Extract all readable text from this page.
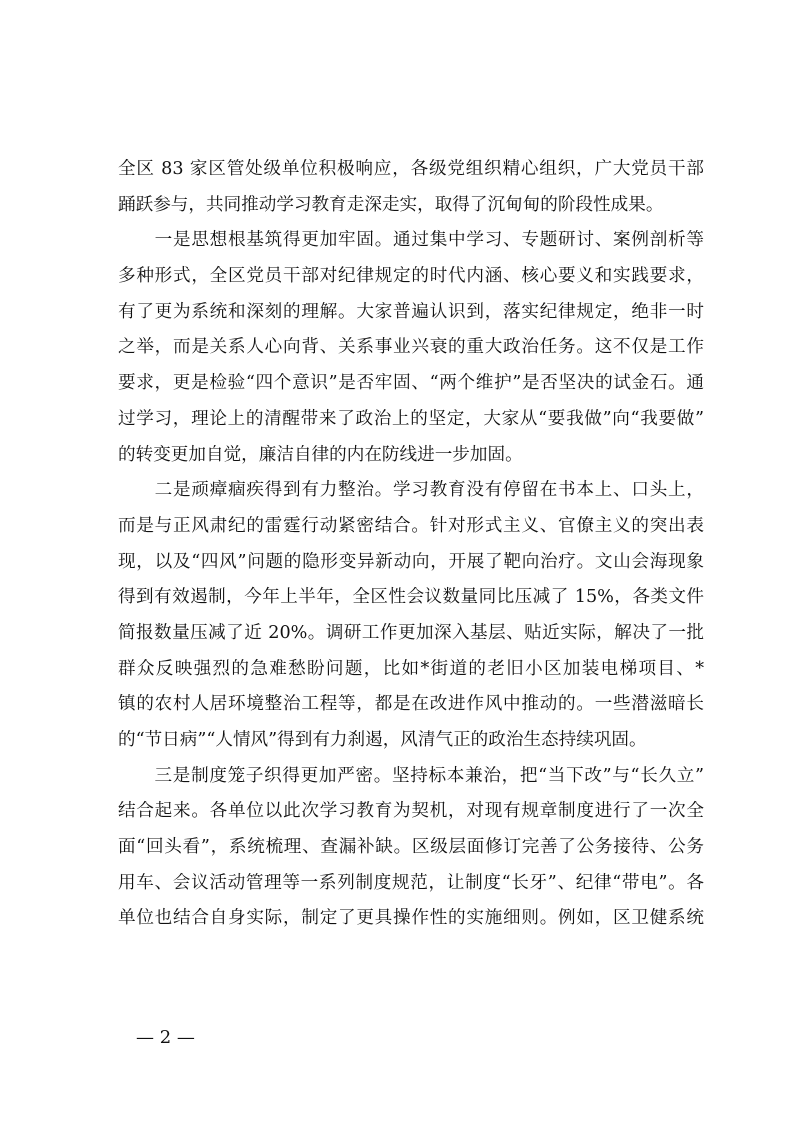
全区 83 家区管处级单位积极响应，各级党组织精心组织，广大党员干部
踊跃参与，共同推动学习教育走深走实，取得了沉甸甸的阶段性成果。
　　一是思想根基筑得更加牢固。通过集中学习、专题研讨、案例剖析等
多种形式，全区党员干部对纪律规定的时代内涵、核心要义和实践要求，
有了更为系统和深刻的理解。大家普遍认识到，落实纪律规定，绝非一时
之举，而是关系人心向背、关系事业兴衰的重大政治任务。这不仅是工作
要求，更是检验“四个意识”是否牢固、“两个维护”是否坚决的试金石。通
过学习，理论上的清醒带来了政治上的坚定，大家从“要我做”向“我要做”
的转变更加自觉，廉洁自律的内在防线进一步加固。
　　二是顽瘴痼疾得到有力整治。学习教育没有停留在书本上、口头上，
而是与正风肃纪的雷霆行动紧密结合。针对形式主义、官僚主义的突出表
现，以及“四风”问题的隐形变异新动向，开展了靶向治疗。文山会海现象
得到有效遏制，今年上半年，全区性会议数量同比压减了 15%，各类文件
简报数量压减了近 20%。调研工作更加深入基层、贴近实际，解决了一批
群众反映强烈的急难愁盼问题，比如*街道的老旧小区加装电梯项目、*
镇的农村人居环境整治工程等，都是在改进作风中推动的。一些潜滋暗长
的“节日病”“人情风”得到有力刹遏，风清气正的政治生态持续巩固。
　　三是制度笼子织得更加严密。坚持标本兼治，把“当下改”与“长久立”
结合起来。各单位以此次学习教育为契机，对现有规章制度进行了一次全
面“回头看”，系统梳理、查漏补缺。区级层面修订完善了公务接待、公务
用车、会议活动管理等一系列制度规范，让制度“长牙”、纪律“带电”。各
单位也结合自身实际，制定了更具操作性的实施细则。例如，区卫健系统
— 2 —
